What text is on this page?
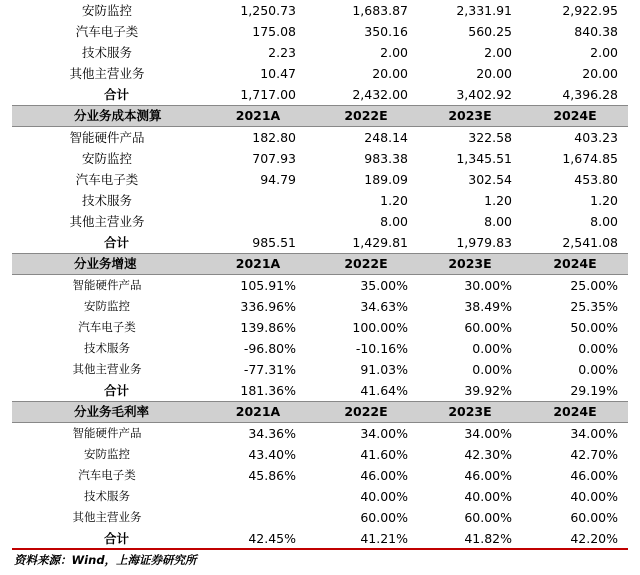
安防监控	1,250.73	1,683.87	2,331.91	2,922.95
汽车电子类	175.08	350.16	560.25	840.38
技术服务	2.23	2.00	2.00	2.00
其他主营业务	10.47	20.00	20.00	20.00
合计	1,717.00	2,432.00	3,402.92	4,396.28
分业务成本测算	2021A	2022E	2023E	2024E
智能硬件产品	182.80	248.14	322.58	403.23
安防监控	707.93	983.38	1,345.51	1,674.85
汽车电子类	94.79	189.09	302.54	453.80
技术服务		1.20	1.20	1.20
其他主营业务		8.00	8.00	8.00
合计	985.51	1,429.81	1,979.83	2,541.08
分业务增速	2021A	2022E	2023E	2024E
智能硬件产品	105.91%	35.00%	30.00%	25.00%
安防监控	336.96%	34.63%	38.49%	25.35%
汽车电子类	139.86%	100.00%	60.00%	50.00%
技术服务	-96.80%	-10.16%	0.00%	0.00%
其他主营业务	-77.31%	91.03%	0.00%	0.00%
合计	181.36%	41.64%	39.92%	29.19%
分业务毛利率	2021A	2022E	2023E	2024E
智能硬件产品	34.36%	34.00%	34.00%	34.00%
安防监控	43.40%	41.60%	42.30%	42.70%
汽车电子类	45.86%	46.00%	46.00%	46.00%
技术服务		40.00%	40.00%	40.00%
其他主营业务		60.00%	60.00%	60.00%
合计	42.45%	41.21%	41.82%	42.20%
资料来源：Wind，上海证券研究所
